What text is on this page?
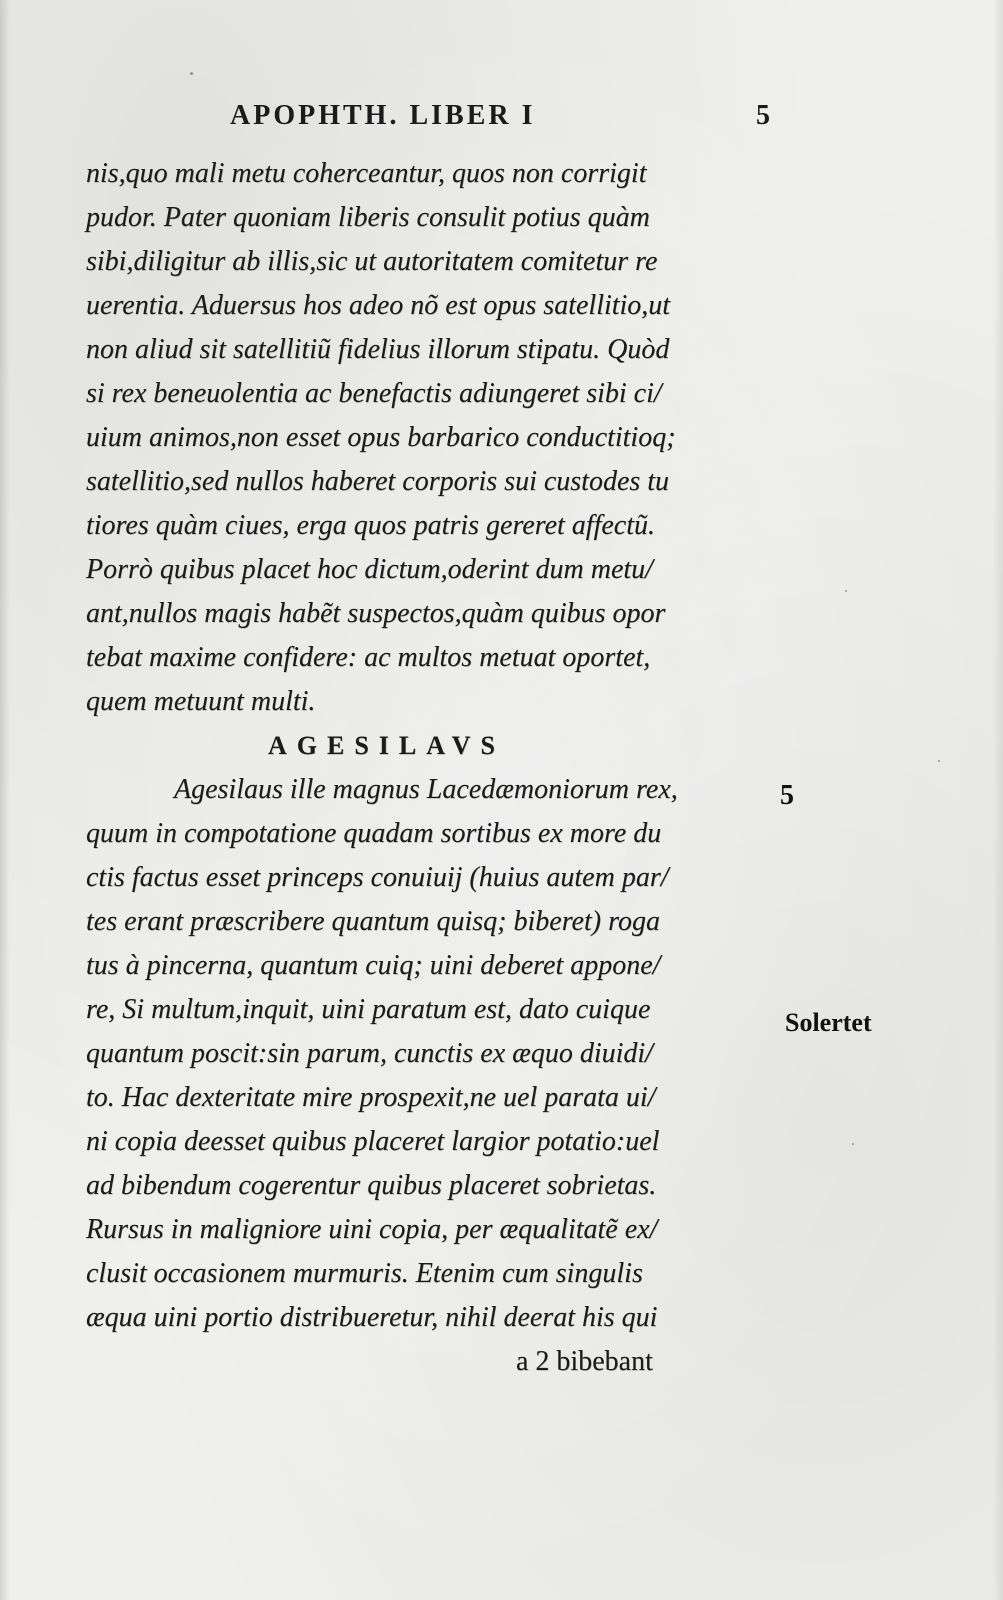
APOPHTH. LIBER I	5
nis,quo mali metu coherceantur, quos non corrigit
pudor. Pater quoniam liberis consulit potius quàm
sibi,diligitur ab illis,sic ut autoritatem comitetur re
uerentia. Aduersus hos adeo nõ est opus satellitio,ut
non aliud sit satellitiũ fidelius illorum stipatu. Quòd
si rex beneuolentia ac benefactis adiungeret sibi ci/
uium animos,non esset opus barbarico conductitioq;
satellitio,sed nullos haberet corporis sui custodes tu
tiores quàm ciues, erga quos patris gereret affectũ.
Porrò quibus placet hoc dictum,oderint dum metu/
ant,nullos magis habẽt suspectos,quàm quibus opor
tebat maxime confidere: ac multos metuat oportet,
quem metuunt multi.
AGESILAVS
Agesilaus ille magnus Lacedæmoniorum rex,
quum in compotatione quadam sortibus ex more du
ctis factus esset princeps conuiuij (huius autem par/
tes erant præscribere quantum quisq; biberet) roga
tus à pincerna, quantum cuiq; uini deberet appone/
re, Si multum,inquit, uini paratum est, dato cuique
quantum poscit:sin parum, cunctis ex æquo diuidi/
to. Hac dexteritate mire prospexit,ne uel parata ui/
ni copia deesset quibus placeret largior potatio:uel
ad bibendum cogerentur quibus placeret sobrietas.
Rursus in maligniore uini copia, per æqualitatẽ ex/
clusit occasionem murmuris. Etenim cum singulis
æqua uini portio distribueretur, nihil deerat his qui
a 2 bibebant
5
Solertet
